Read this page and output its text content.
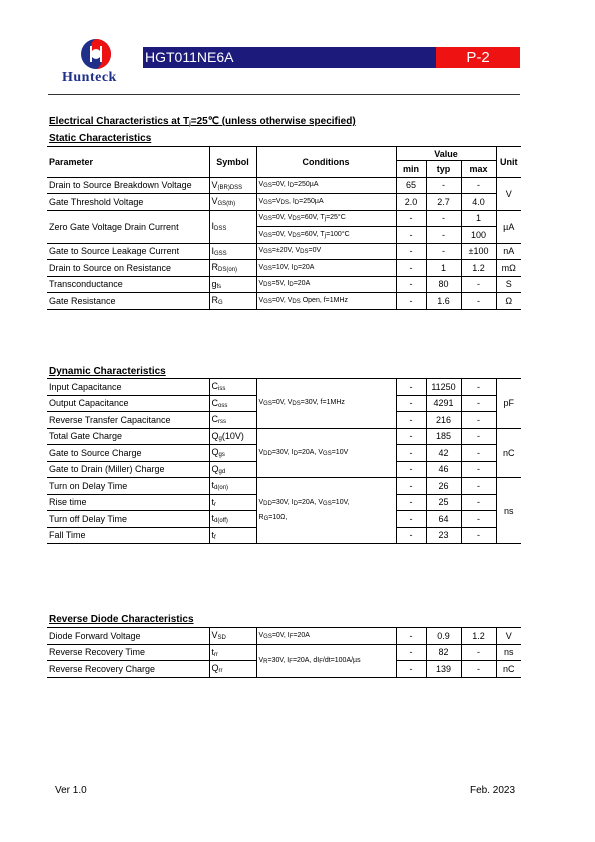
Hunteck
HGT011NE6A	P-2
Electrical Characteristics at $T_j=25℃$ (unless otherwise specified)
Static Characteristics
Parameter	Symbol	Conditions	Value			Unit
			min	typ	max	
Drain to Source Breakdown Voltage	$V_{(BR)DSS}$	$V_{GS}=0V$, $I_D=250\mu A$	65	-	-	V
Gate Threshold Voltage	$V_{GS(th)}$	$V_{GS}=V_{DS}$, $I_D=250\mu A$	2.0	2.7	4.0	
Zero Gate Voltage Drain Current	$I_{DSS}$	$V_{GS}=0V$, $V_{DS}=60V$, $T_j=25^\circ C$	-	-	1	µA
		$V_{GS}=0V$, $V_{DS}=60V$, $T_j=100^\circ C$	-	-	100	
Gate to Source Leakage Current	$I_{GSS}$	$V_{GS}=\pm 20V$, $V_{DS}=0V$	-	-	±100	nA
Drain to Source on Resistance	$R_{DS(on)}$	$V_{GS}=10V$, $I_D=20A$	-	1	1.2	mΩ
Transconductance	$g_{fs}$	$V_{DS}=5V$, $I_D=20A$	-	80	-	S
Gate Resistance	$R_G$	$V_{GS}=0V$, $V_{DS}$ Open, f=1MHz	-	1.6	-	Ω
Dynamic Characteristics
Input Capacitance	$C_{iss}$	$V_{GS}=0V$, $V_{DS}=30V$, f=1MHz	-	11250	-	pF
Output Capacitance	$C_{oss}$		-	4291	-	
Reverse Transfer Capacitance	$C_{rss}$		-	216	-	
Total Gate Charge	$Q_g(10V)$	$V_{DD}=30V$, $I_D=20A$, $V_{GS}=10V$	-	185	-	nC
Gate to Source Charge	$Q_{gs}$		-	42	-	
Gate to Drain (Miller) Charge	$Q_{gd}$		-	46	-	
Turn on Delay Time	$t_{d(on)}$	$V_{DD}=30V$, $I_D=20A$, $V_{GS}=10V$,
$R_G=10\Omega$,	-	26	-	ns
Rise time	$t_r$		-	25	-	
Turn off Delay Time	$t_{d(off)}$		-	64	-	
Fall Time	$t_f$		-	23	-	
Reverse Diode Characteristics
Diode Forward Voltage	$V_{SD}$	$V_{GS}=0V$, $I_F=20A$	-	0.9	1.2	V
Reverse Recovery Time	$t_{rr}$	$V_R=30V$, $I_F=20A$, $dI_F/dt=100A/\mu s$	-	82	-	ns
Reverse Recovery Charge	$Q_{rr}$		-	139	-	nC
Ver 1.0	Feb. 2023
